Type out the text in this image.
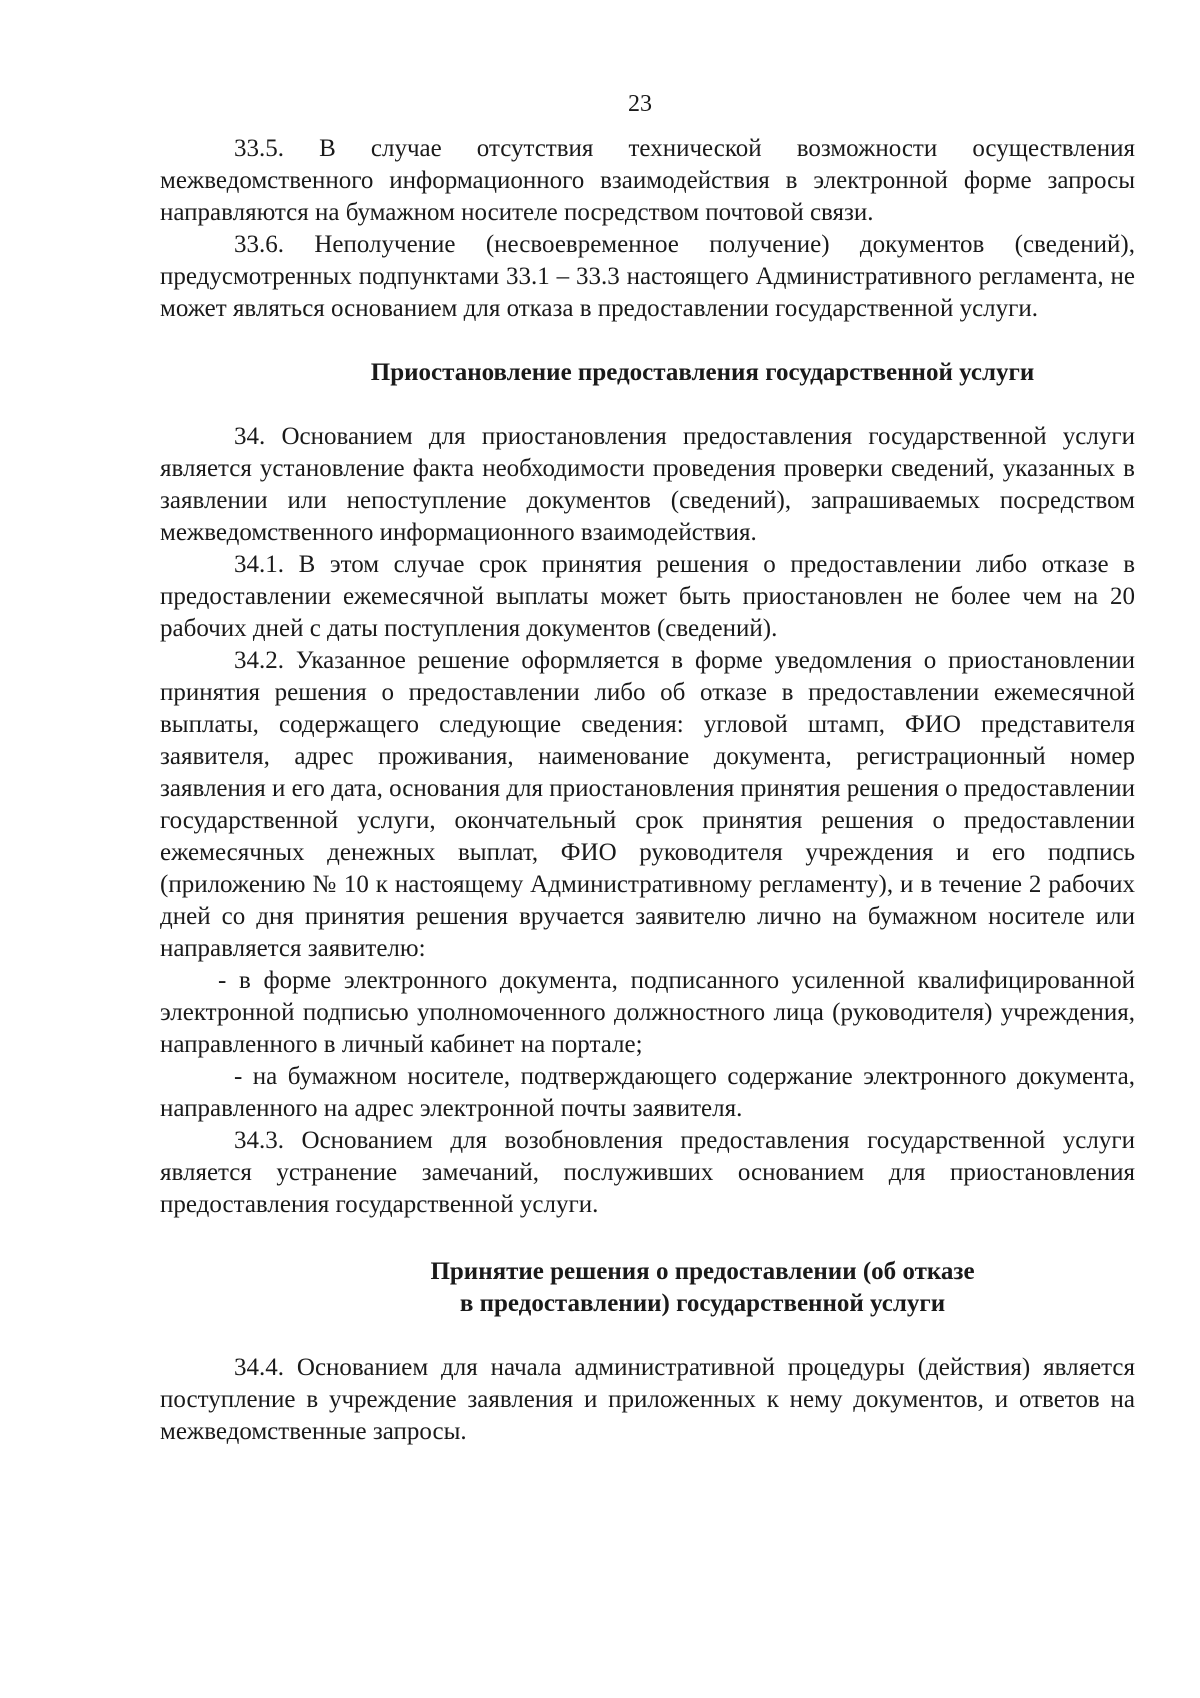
23

33.5. В случае отсутствия технической возможности осуществления межведомственного информационного взаимодействия в электронной форме запросы направляются на бумажном носителе посредством почтовой связи.

33.6. Неполучение (несвоевременное получение) документов (сведений), предусмотренных подпунктами 33.1 – 33.3 настоящего Административного регламента, не может являться основанием для отказа в предоставлении государственной услуги.

Приостановление предоставления государственной услуги

34. Основанием для приостановления предоставления государственной услуги является установление факта необходимости проведения проверки сведений, указанных в заявлении или непоступление документов (сведений), запрашиваемых посредством межведомственного информационного взаимодействия.

34.1. В этом случае срок принятия решения о предоставлении либо отказе в предоставлении ежемесячной выплаты может быть приостановлен не более чем на 20 рабочих дней с даты поступления документов (сведений).

34.2. Указанное решение оформляется в форме уведомления о приостановлении принятия решения о предоставлении либо об отказе в предоставлении ежемесячной выплаты, содержащего следующие сведения: угловой штамп, ФИО представителя заявителя, адрес проживания, наименование документа, регистрационный номер заявления и его дата, основания для приостановления принятия решения о предоставлении государственной услуги, окончательный срок принятия решения о предоставлении ежемесячных денежных выплат, ФИО руководителя учреждения и его подпись (приложению № 10 к настоящему Административному регламенту), и в течение 2 рабочих дней со дня принятия решения вручается заявителю лично на бумажном носителе или направляется заявителю:

- в форме электронного документа, подписанного усиленной квалифицированной электронной подписью уполномоченного должностного лица (руководителя) учреждения, направленного в личный кабинет на портале;

- на бумажном носителе, подтверждающего содержание электронного документа, направленного на адрес электронной почты заявителя.

34.3. Основанием для возобновления предоставления государственной услуги является устранение замечаний, послуживших основанием для приостановления предоставления государственной услуги.

Принятие решения о предоставлении (об отказе
в предоставлении) государственной услуги

34.4. Основанием для начала административной процедуры (действия) является поступление в учреждение заявления и приложенных к нему документов, и ответов на межведомственные запросы.
